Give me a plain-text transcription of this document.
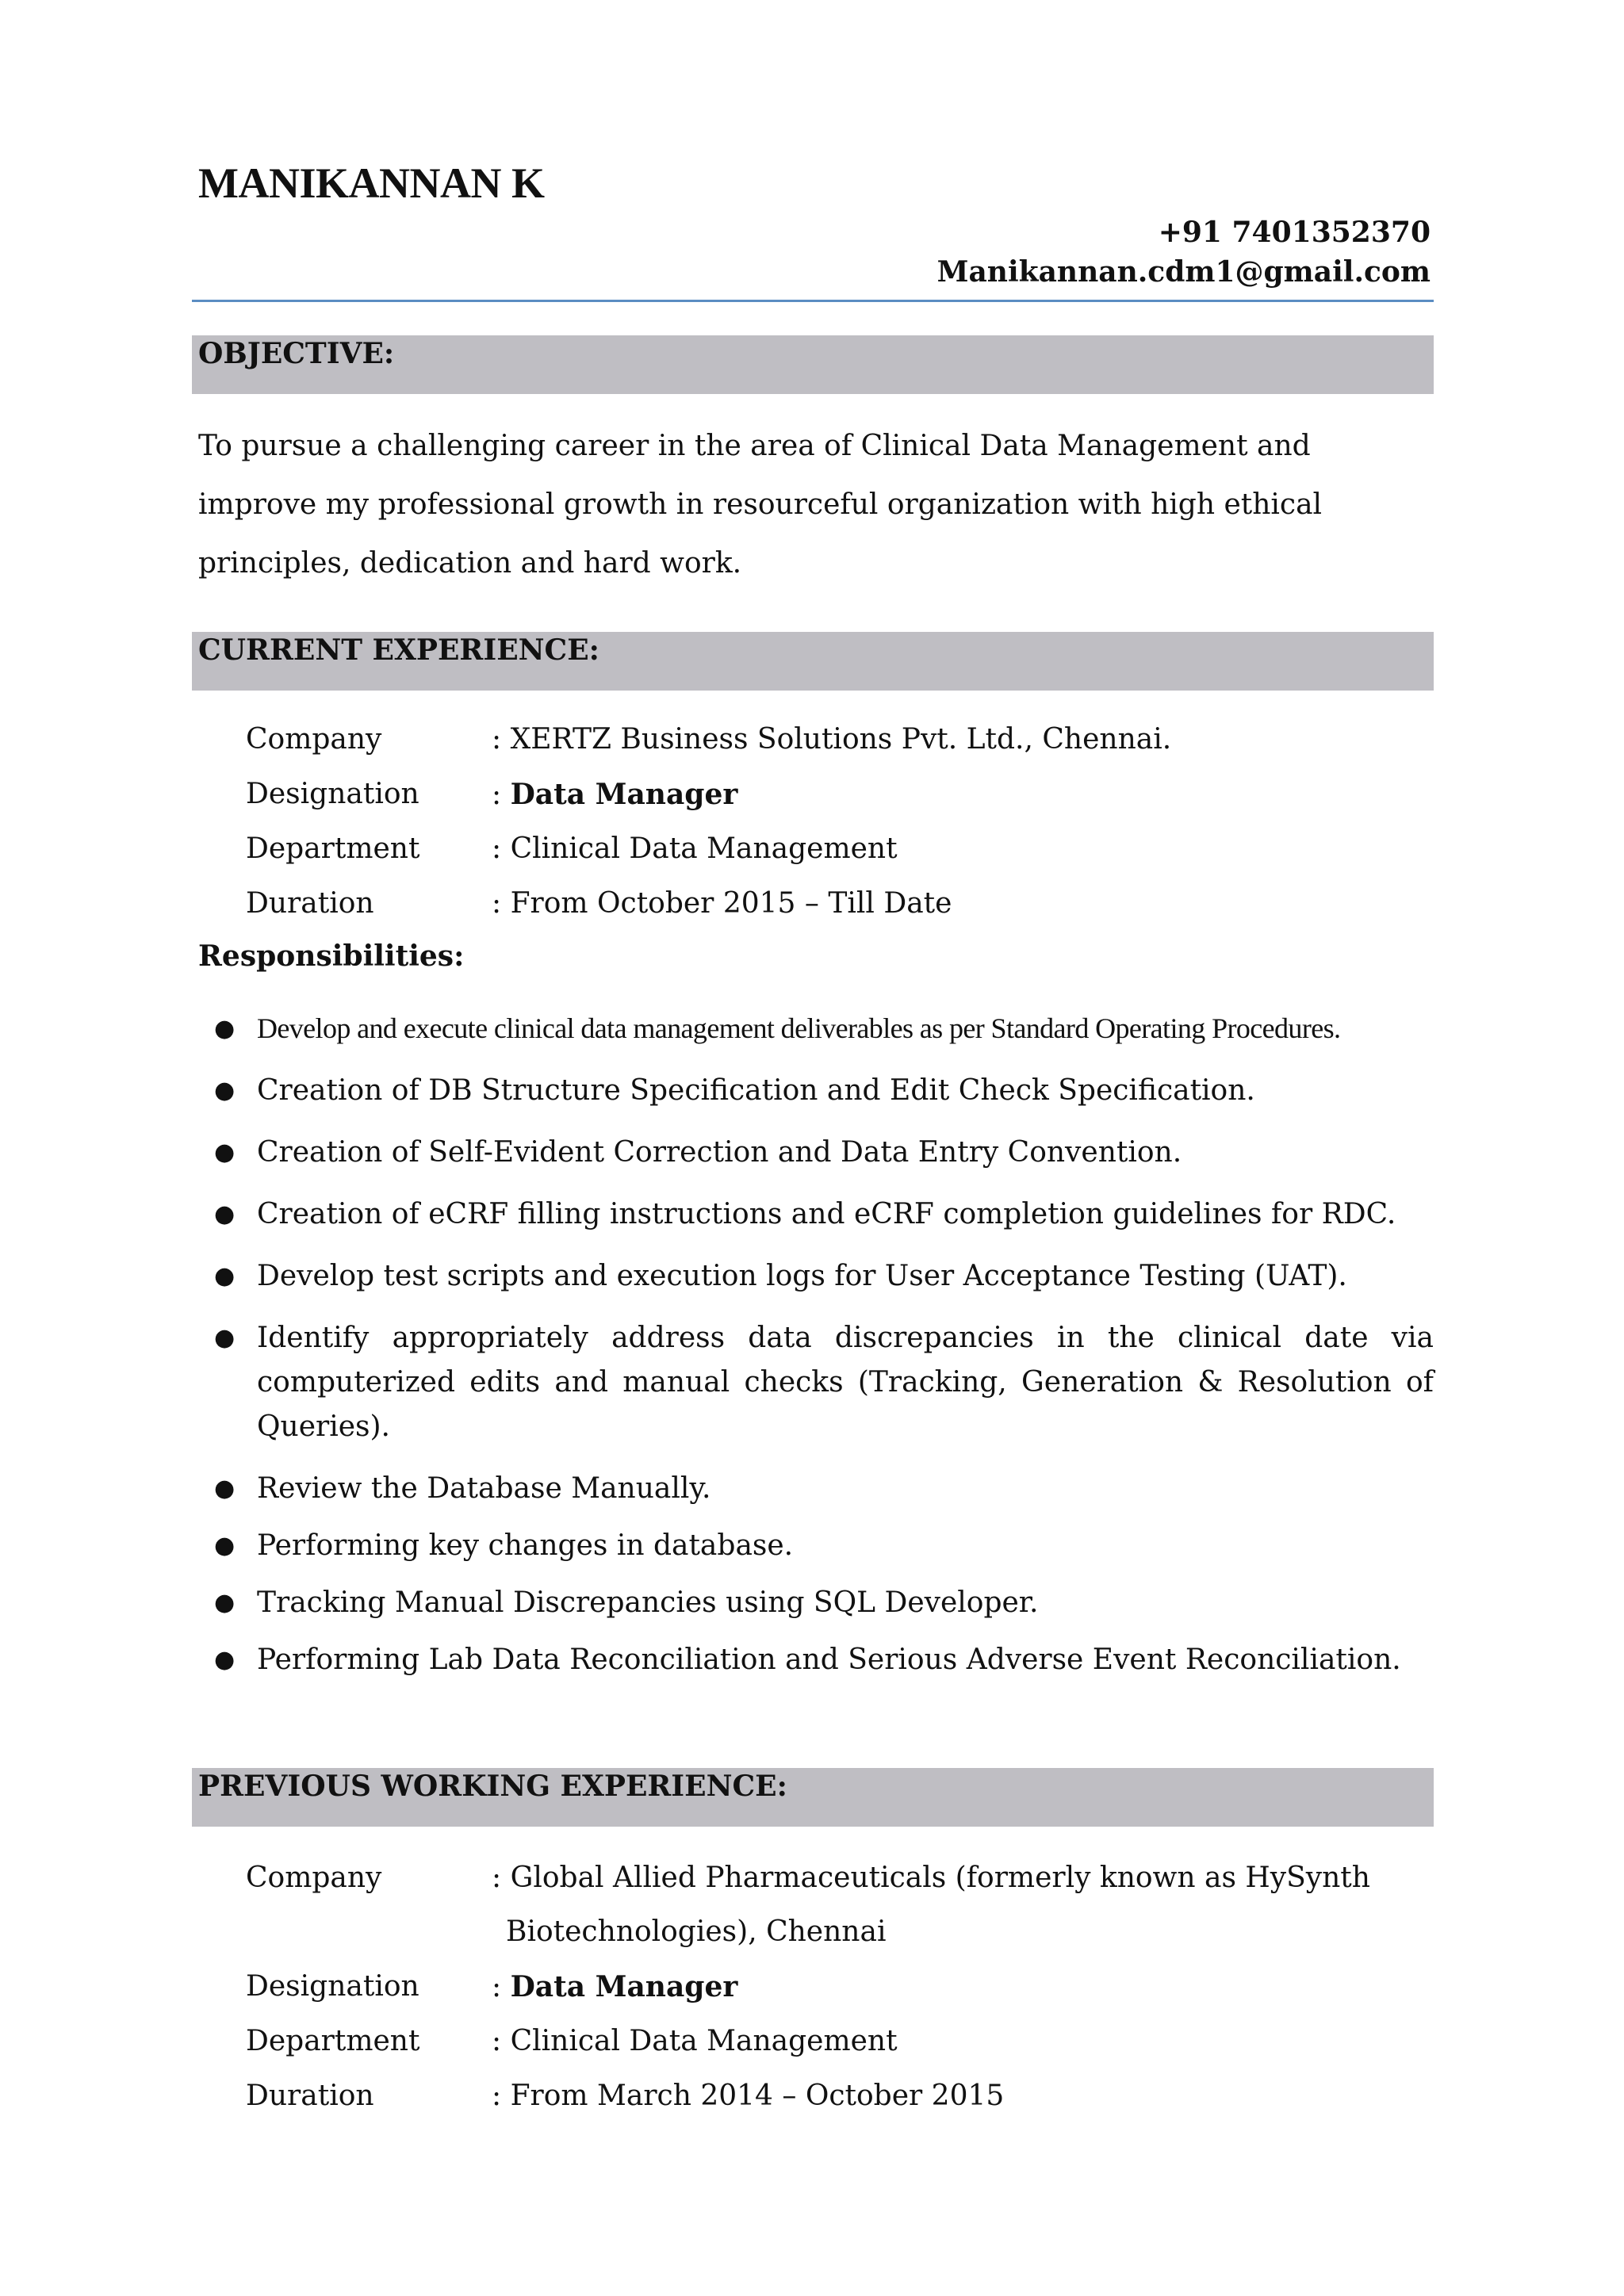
MANIKANNAN K
+91 7401352370
Manikannan.cdm1@gmail.com
OBJECTIVE:

To pursue a challenging career in the area of Clinical Data Management and improve my professional growth in resourceful organization with high ethical principles, dedication and hard work.

CURRENT EXPERIENCE:
Company	: XERTZ Business Solutions Pvt. Ltd., Chennai.
Designation	: Data Manager
Department	: Clinical Data Management
Duration	: From October 2015 – Till Date
Responsibilities:
● Develop and execute clinical data management deliverables as per Standard Operating Procedures.
● Creation of DB Structure Specification and Edit Check Specification.
● Creation of Self-Evident Correction and Data Entry Convention.
● Creation of eCRF filling instructions and eCRF completion guidelines for RDC.
● Develop test scripts and execution logs for User Acceptance Testing (UAT).
● Identify appropriately address data discrepancies in the clinical date via computerized edits and manual checks (Tracking, Generation & Resolution of Queries).
● Review the Database Manually.
● Performing key changes in database.
● Tracking Manual Discrepancies using SQL Developer.
● Performing Lab Data Reconciliation and Serious Adverse Event Reconciliation.
PREVIOUS WORKING EXPERIENCE:
Company	: Global Allied Pharmaceuticals (formerly known as HySynth
Biotechnologies), Chennai
Designation	: Data Manager
Department	: Clinical Data Management
Duration	: From March 2014 – October 2015
